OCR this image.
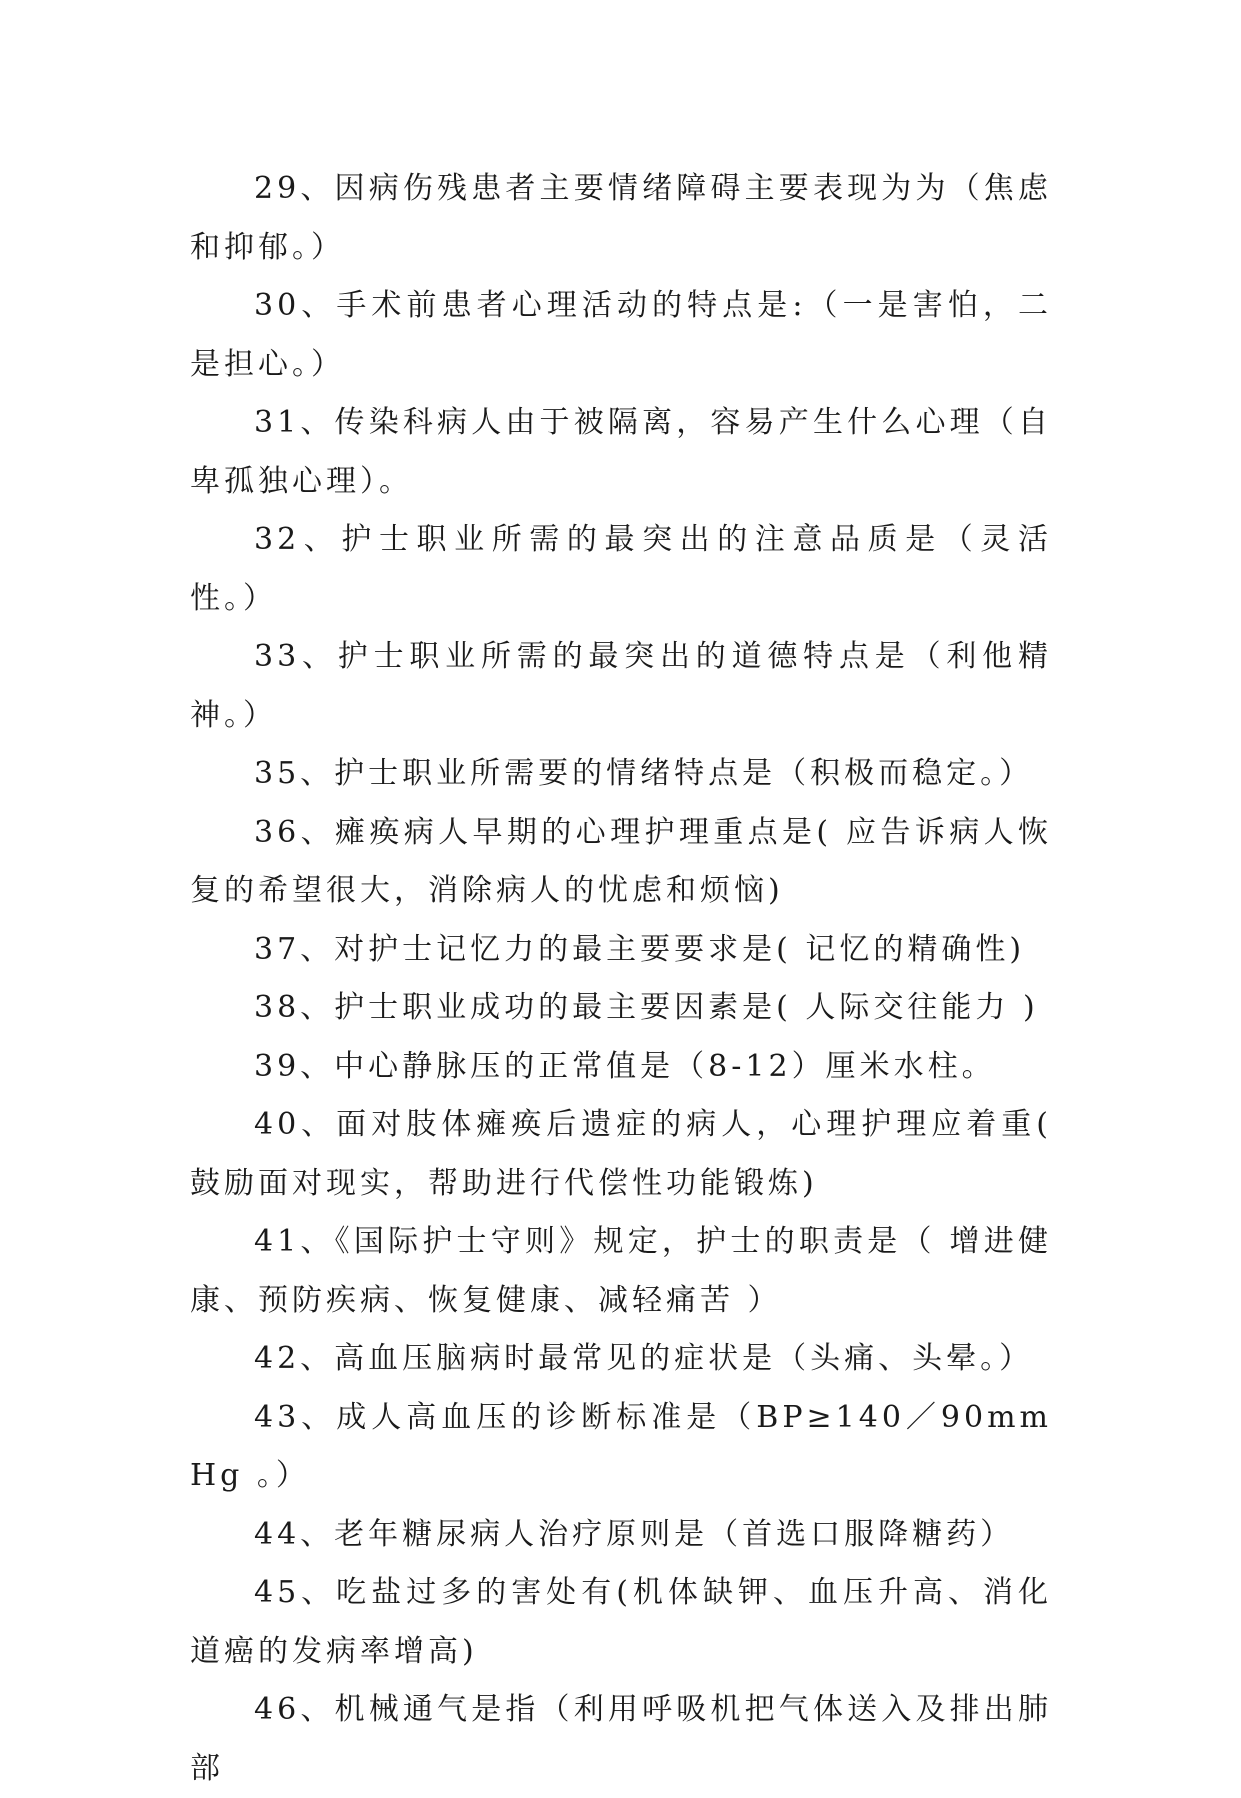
29、因病伤残患者主要情绪障碍主要表现为为（焦虑和抑郁。）

30、手术前患者心理活动的特点是:（一是害怕，二是担心。）

31、传染科病人由于被隔离，容易产生什么心理（自卑孤独心理）。

32、护士职业所需的最突出的注意品质是（灵活性。）

33、护士职业所需的最突出的道德特点是（利他精神。）

35、护士职业所需要的情绪特点是（积极而稳定。）

36、瘫痪病人早期的心理护理重点是( 应告诉病人恢复的希望很大，消除病人的忧虑和烦恼)

37、对护士记忆力的最主要要求是( 记忆的精确性)

38、护士职业成功的最主要因素是( 人际交往能力 )

39、中心静脉压的正常值是（8-12）厘米水柱。

40、面对肢体瘫痪后遗症的病人，心理护理应着重( 鼓励面对现实，帮助进行代偿性功能锻炼)

41、《国际护士守则》规定，护士的职责是（ 增进健康、预防疾病、恢复健康、减轻痛苦 ）

42、高血压脑病时最常见的症状是（头痛、头晕。）

43、成人高血压的诊断标准是（BP≥140／90mmHg 。）

44、老年糖尿病人治疗原则是（首选口服降糖药）

45、吃盐过多的害处有(机体缺钾、血压升高、消化道癌的发病率增高)

46、机械通气是指（利用呼吸机把气体送入及排出肺部
